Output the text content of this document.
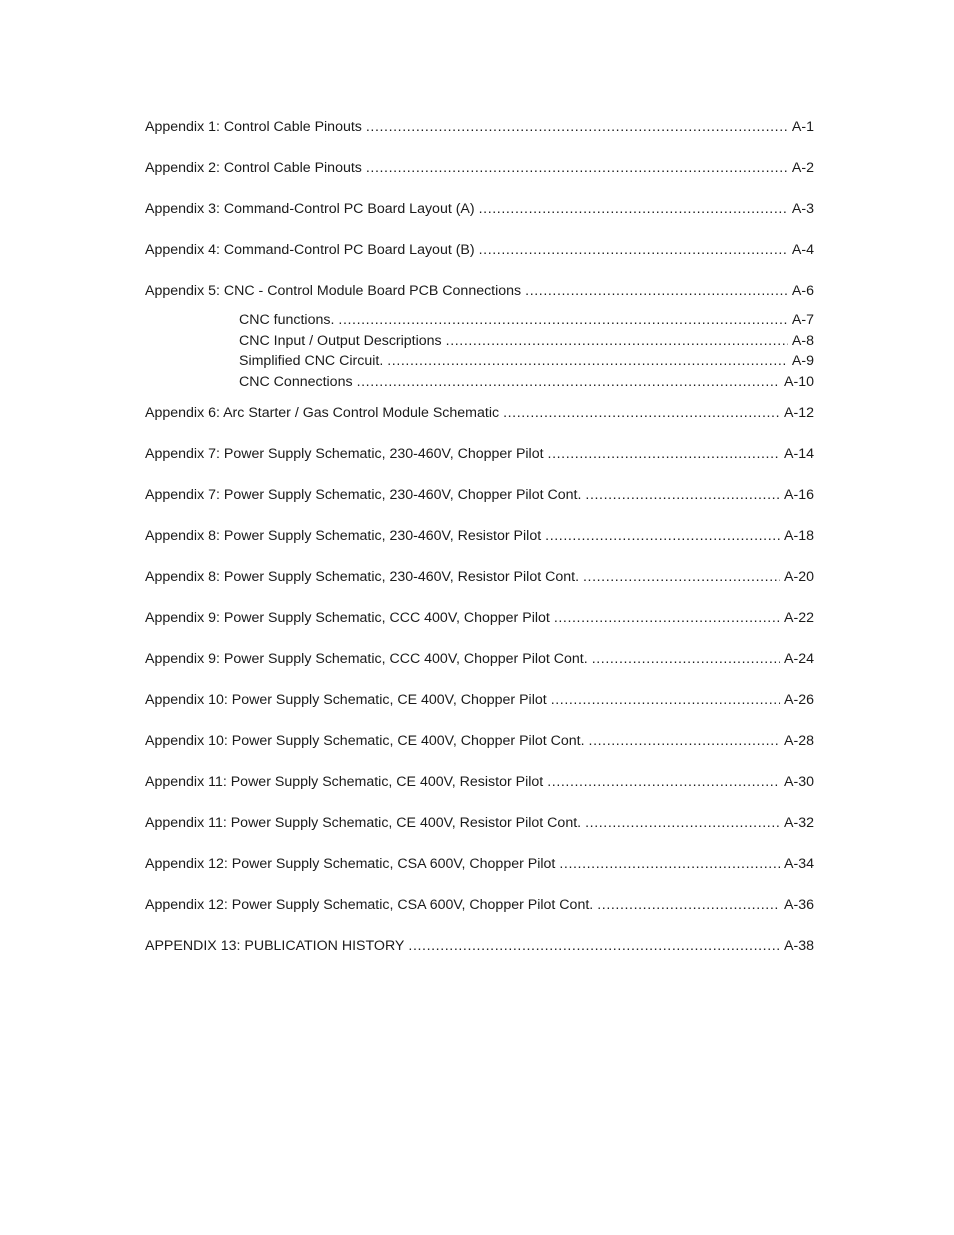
Appendix 1: Control Cable Pinouts .....	A-1
Appendix 2: Control Cable Pinouts .....	A-2
Appendix 3: Command-Control PC Board Layout (A) .....	A-3
Appendix 4: Command-Control PC Board Layout (B) .....	A-4
Appendix 5: CNC - Control Module Board PCB Connections .....	A-6
CNC functions. .....	A-7
CNC Input / Output Descriptions .....	A-8
Simplified CNC Circuit. .....	A-9
CNC Connections .....	A-10
Appendix 6: Arc Starter / Gas Control Module Schematic .....	A-12
Appendix 7: Power Supply Schematic, 230-460V, Chopper Pilot .....	A-14
Appendix 7: Power Supply Schematic, 230-460V, Chopper Pilot Cont. .....	A-16
Appendix 8: Power Supply Schematic, 230-460V, Resistor Pilot .....	A-18
Appendix 8: Power Supply Schematic, 230-460V, Resistor Pilot Cont. .....	A-20
Appendix 9: Power Supply Schematic, CCC 400V, Chopper Pilot .....	A-22
Appendix 9: Power Supply Schematic, CCC 400V, Chopper Pilot Cont. .....	A-24
Appendix 10: Power Supply Schematic, CE 400V, Chopper Pilot .....	A-26
Appendix 10: Power Supply Schematic, CE 400V, Chopper Pilot Cont. .....	A-28
Appendix 11: Power Supply Schematic, CE 400V, Resistor Pilot .....	A-30
Appendix 11: Power Supply Schematic, CE 400V, Resistor Pilot Cont. .....	A-32
Appendix 12: Power Supply Schematic, CSA 600V, Chopper Pilot .....	A-34
Appendix 12: Power Supply Schematic, CSA 600V, Chopper Pilot Cont. .....	A-36
APPENDIX 13: PUBLICATION HISTORY .....	A-38
